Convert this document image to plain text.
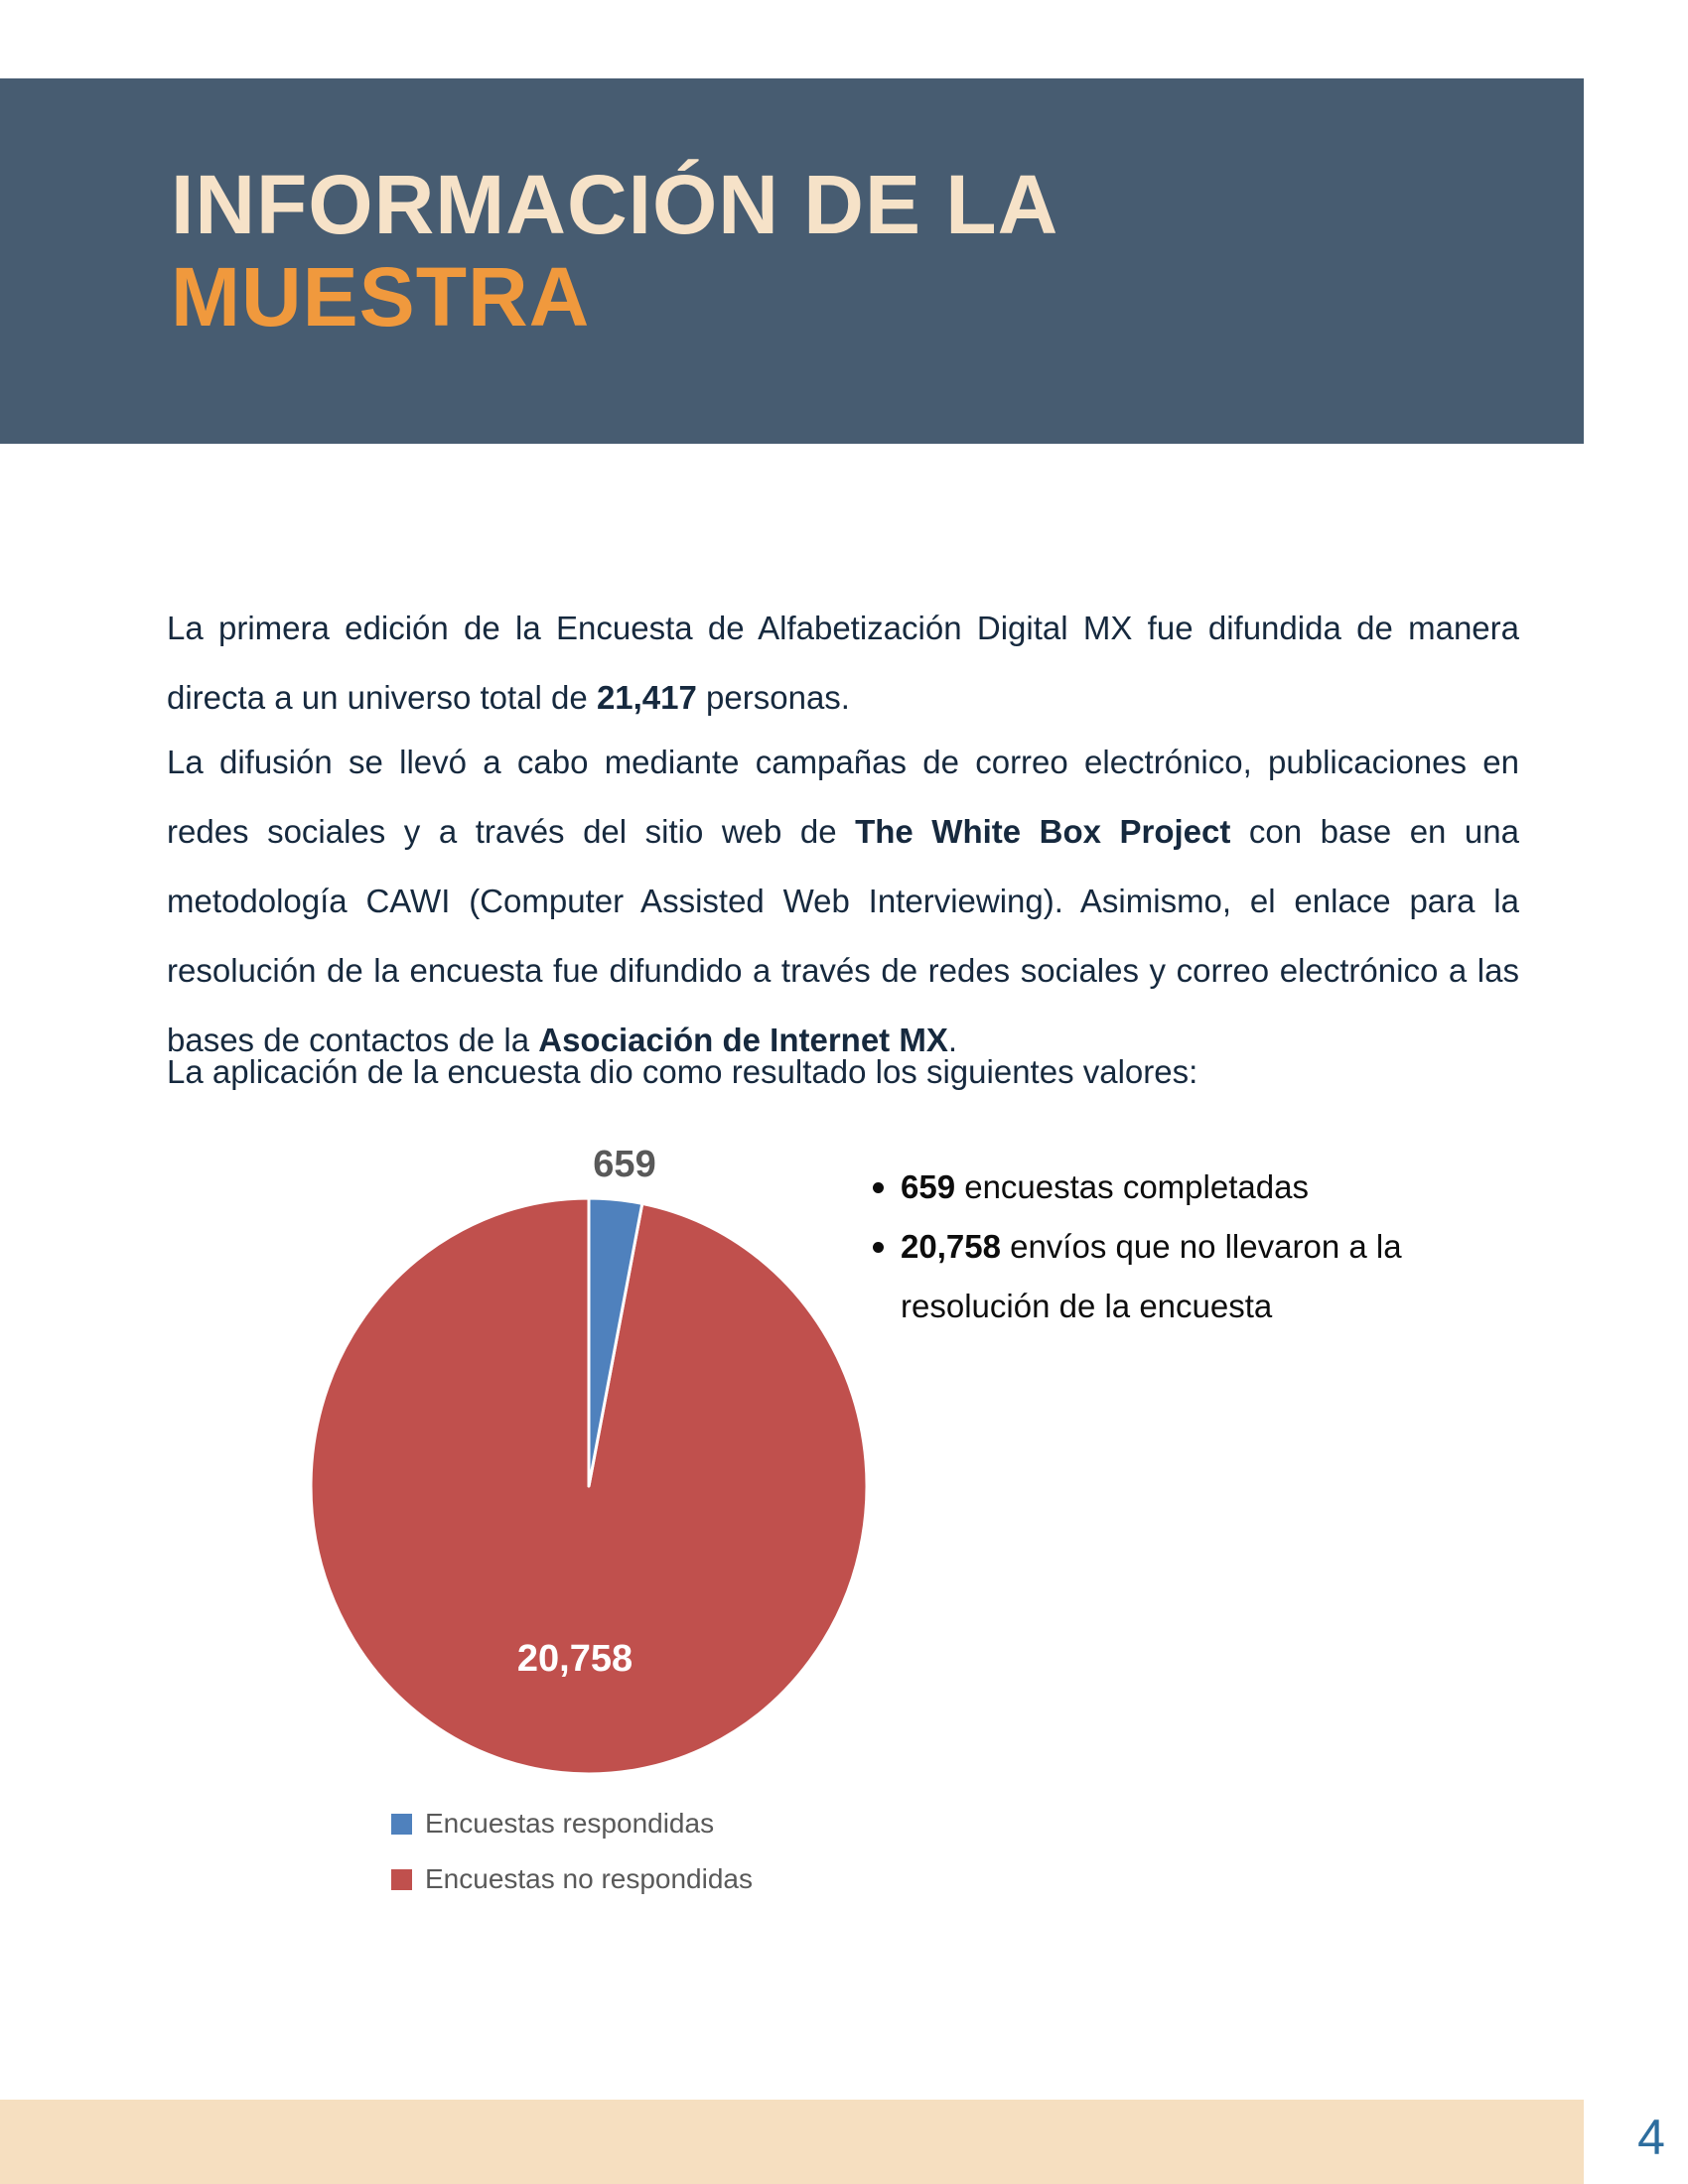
INFORMACIÓN DE LA
MUESTRA

La primera edición de la Encuesta de Alfabetización Digital MX fue difundida de manera directa a un universo total de 21,417 personas.

La difusión se llevó a cabo mediante campañas de correo electrónico, publicaciones en redes sociales y a través del sitio web de The White Box Project con base en una metodología CAWI (Computer Assisted Web Interviewing). Asimismo, el enlace para la resolución de la encuesta fue difundido a través de redes sociales y correo electrónico a las bases de contactos de la Asociación de Internet MX.

La aplicación de la encuesta dio como resultado los siguientes valores:

659 encuestas completadas
20,758 envíos que no llevaron a la resolución de la encuesta
659
20,758
Encuestas respondidas
Encuestas no respondidas
4
